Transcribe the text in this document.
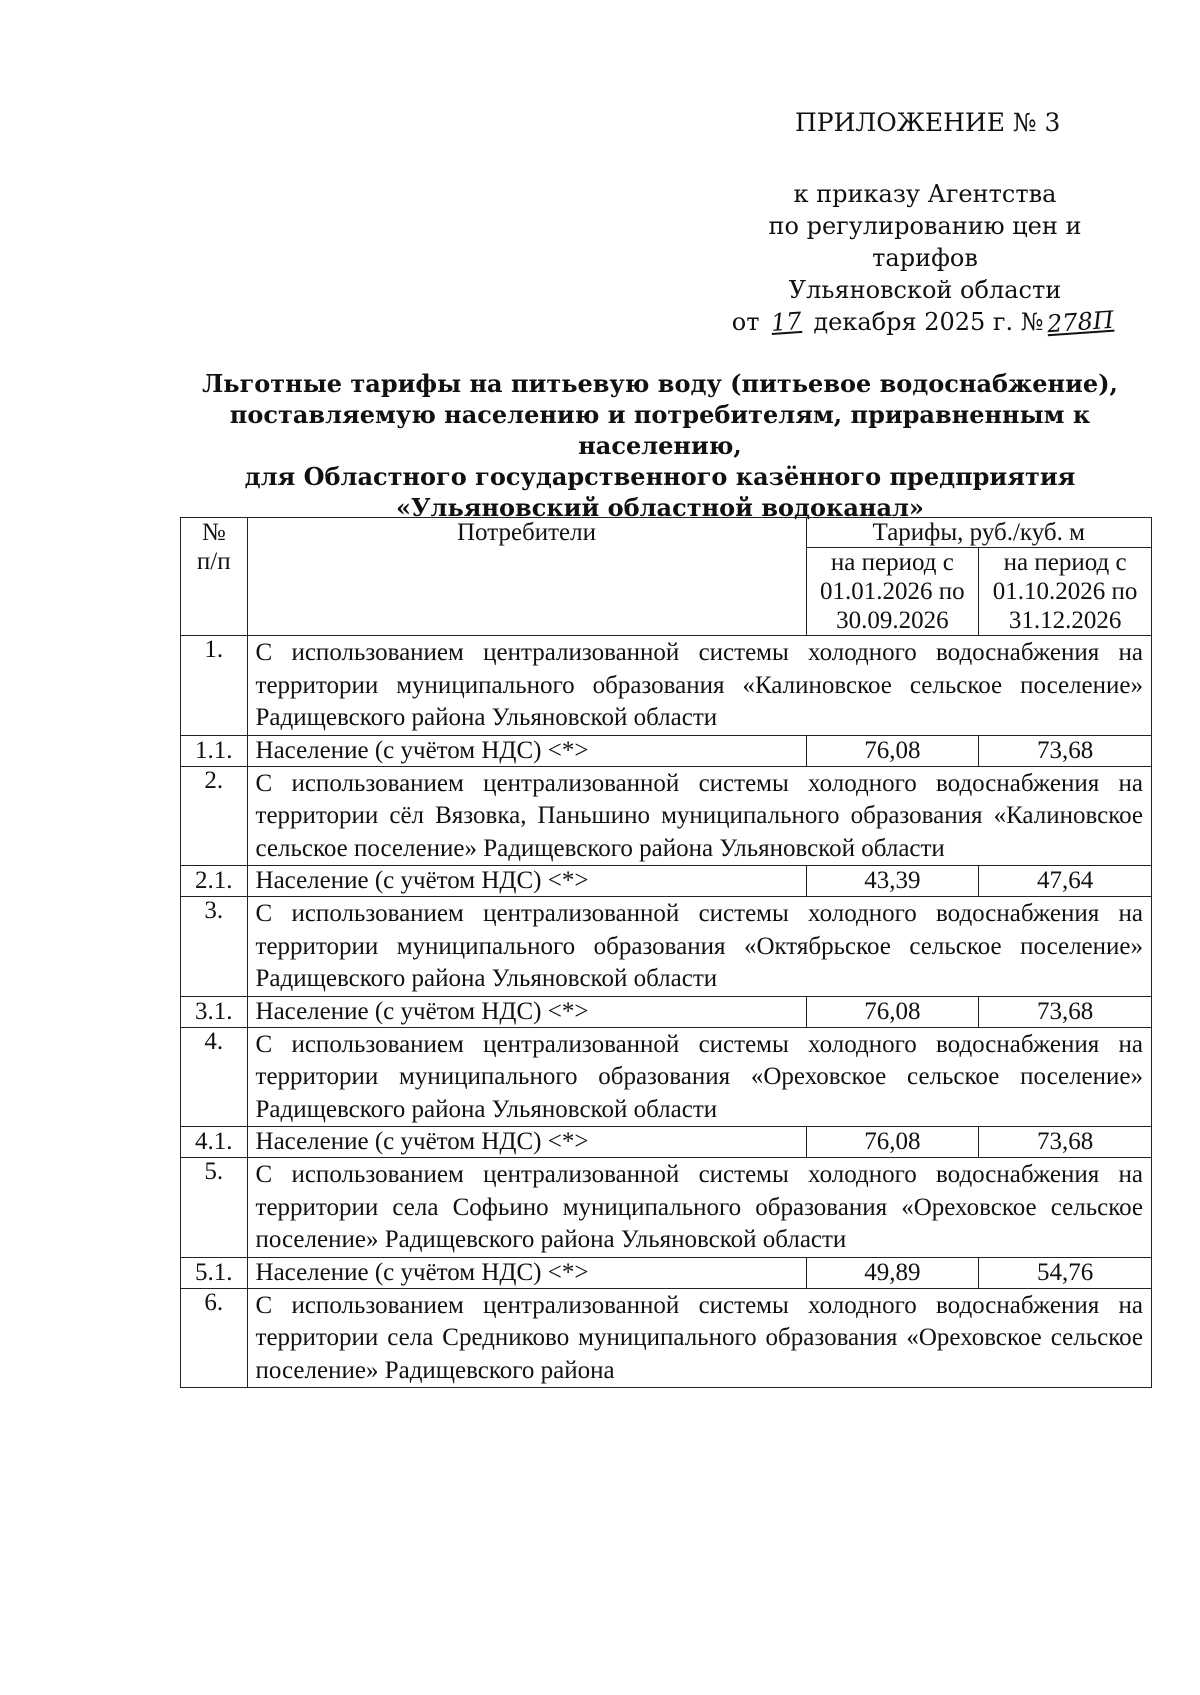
ПРИЛОЖЕНИЕ № 3
к приказу Агентства
по регулированию цен и тарифов
Ульяновской области
от 17 декабря 2025 г. № 278П
Льготные тарифы на питьевую воду (питьевое водоснабжение),
поставляемую населению и потребителям, приравненным к населению,
для Областного государственного казённого предприятия
«Ульяновский областной водоканал»
№ п/п	Потребители	Тарифы, руб./куб. м	
		на период с 01.01.2026 по 30.09.2026	на период с 01.10.2026 по 31.12.2026
1.	С использованием централизованной системы холодного водоснабжения на территории муниципального образования «Калиновское сельское поселение» Радищевского района Ульяновской области		
1.1.	Население (с учётом НДС) <*>	76,08	73,68
2.	С использованием централизованной системы холодного водоснабжения на территории сёл Вязовка, Паньшино муниципального образования «Калиновское сельское поселение» Радищевского района Ульяновской области		
2.1.	Население (с учётом НДС) <*>	43,39	47,64
3.	С использованием централизованной системы холодного водоснабжения на территории муниципального образования «Октябрьское сельское поселение» Радищевского района Ульяновской области		
3.1.	Население (с учётом НДС) <*>	76,08	73,68
4.	С использованием централизованной системы холодного водоснабжения на территории муниципального образования «Ореховское сельское поселение» Радищевского района Ульяновской области		
4.1.	Население (с учётом НДС) <*>	76,08	73,68
5.	С использованием централизованной системы холодного водоснабжения на территории села Софьино муниципального образования «Ореховское сельское поселение» Радищевского района Ульяновской области		
5.1.	Население (с учётом НДС) <*>	49,89	54,76
6.	С использованием централизованной системы холодного водоснабжения на территории села Средниково муниципального образования «Ореховское сельское поселение» Радищевского района		
